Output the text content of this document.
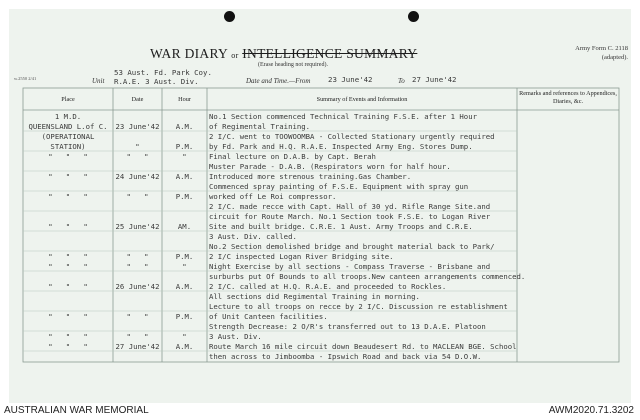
WAR DIARY or INTELLIGENCE SUMMARY
(Erase heading not required).
Army Form C. 2118
(adapted).
w.2550 2/41	Unit
53 Aust. Fd. Park Coy.
R.A.E. 3 Aust. Div.	Date and Time.—From 23 June'42	To 27 June'42
Place	Date	Hour	Summary of Events and Information
Remarks and references to Appendices, Diaries, &c.
1 M.D.	No.1 Section commenced Technical Training F.S.E. after 1 Hour
QUEENSLAND L.of C.	23 June'42	A.M.	of Regimental Training.
(OPERATIONAL	2 I/C. went to TOOWOOMBA - Collected Stationary urgently required
STATION)	"	P.M.	by Fd. Park and H.Q. R.A.E. Inspected Army Eng. Stores Dump.
"   "   "	"   "	"	Final lecture on D.A.B. by Capt. Berah
Muster Parade - D.A.B. (Respirators worn for half hour.
"   "   "	24 June'42	A.M.	Introduced more strenous training.Gas Chamber.
Commenced spray painting of F.S.E. Equipment with spray gun
"   "   "	"   "	P.M.	worked off Le Roi compressor.
2 I/C. made recce with Capt. Hall of 30 yd. Rifle Range Site.and
circuit for Route March. No.1 Section took F.S.E. to Logan River
"   "   "	25 June'42	AM.	Site and built bridge. C.R.E. 1 Aust. Army Troops and C.R.E.
3 Aust. Div. called.
No.2 Section demolished bridge and brought material back to Park/
"   "   "	"   "	P.M.	2 I/C inspected Logan River Bridging site.
"   "   "	"   "	"	Night Exercise by all sections - Compass Traverse - Brisbane and
surburbs put Of Bounds to all troops.New canteen arrangements commenced.
"   "   "	26 June'42	A.M.	2 I/C. called at H.Q. R.A.E. and proceeded to Rockles.
All sections did Regimental Training in morning.
Lecture to all troops on recce by 2 I/C. Discussion re establishment
"   "   "	"   "	P.M.	of Unit Canteen facilities.
Strength Decrease: 2 O/R's transferred out to 13 D.A.E. Platoon
"   "   "	"   "	"	3 Aust. Div.
"   "   "	27 June'42	A.M.	Route March 16 mile circuit down Beaudesert Rd. to MACLEAN BGE. School
then across to Jimboomba - Ipswich Road and back via 54 D.O.W.
AUSTRALIAN WAR MEMORIAL	AWM2020.71.3202
